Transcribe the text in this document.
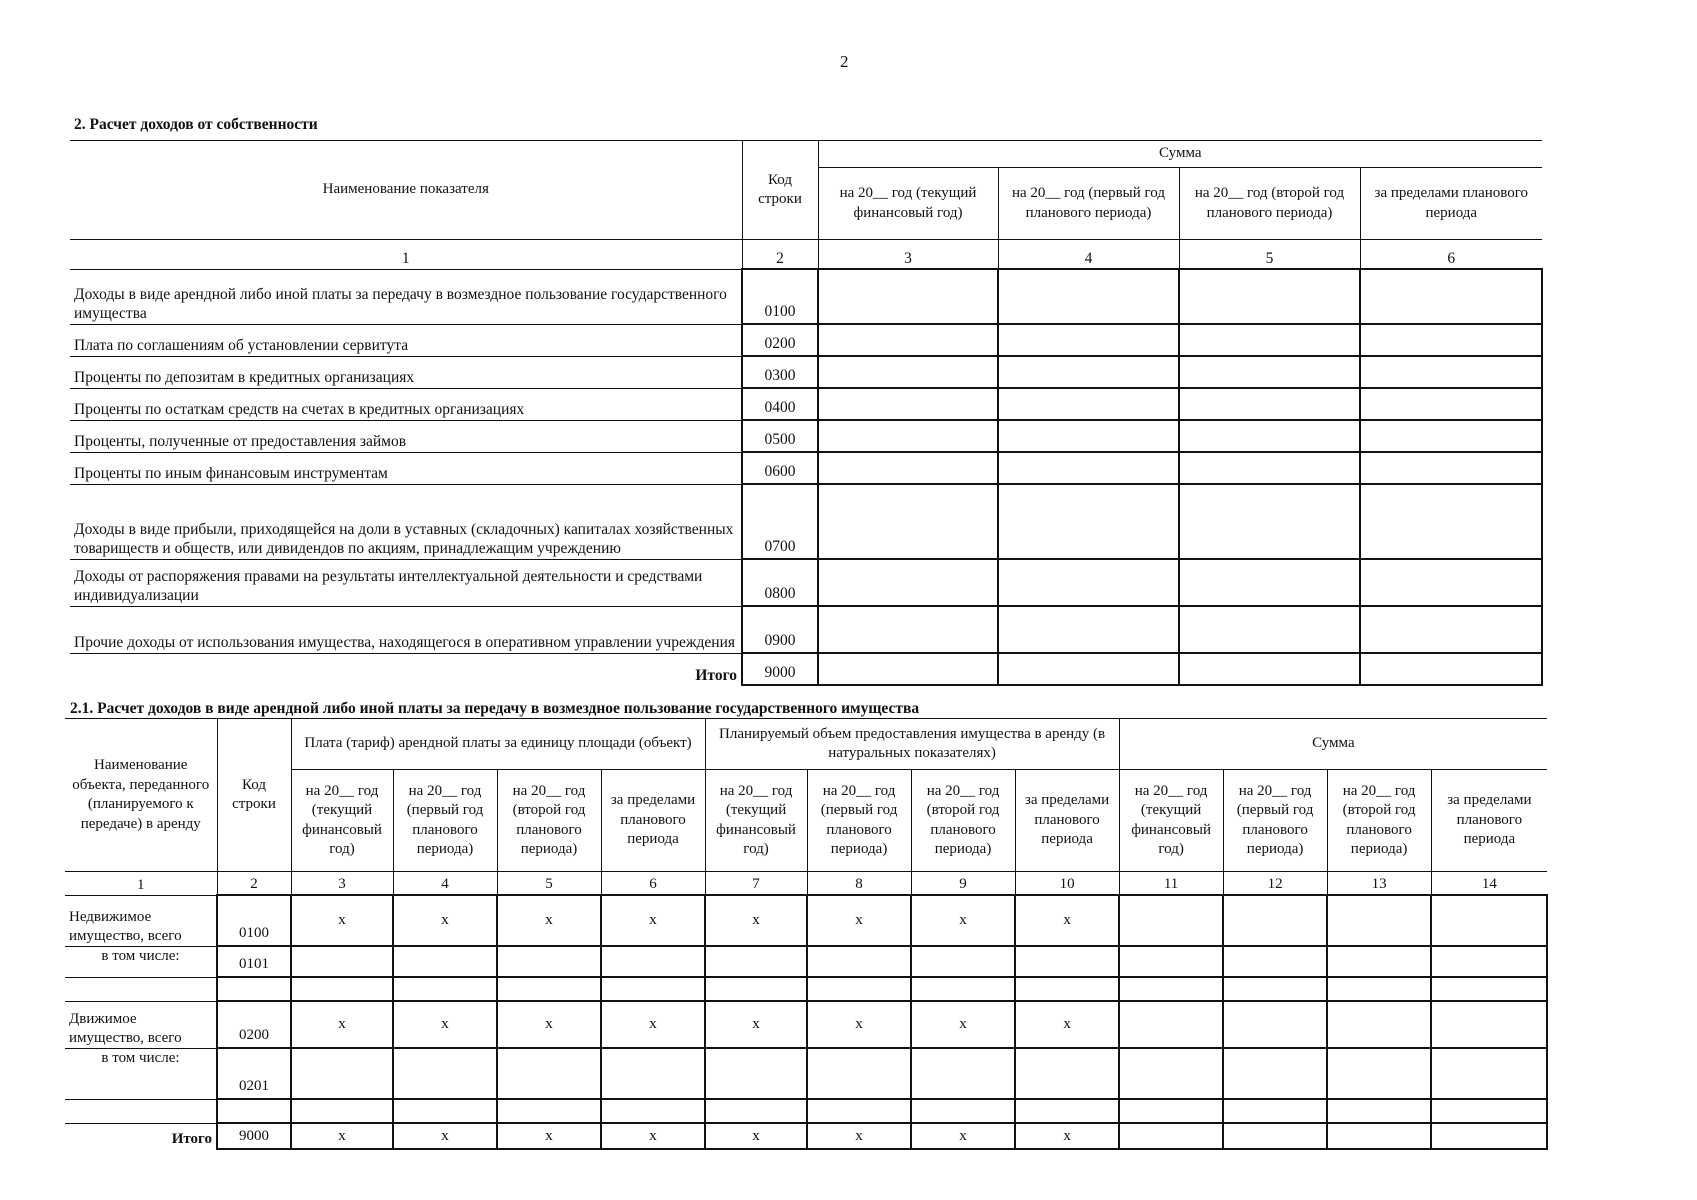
2
2. Расчет доходов от собственности
Наименование показателя	Код строки	Сумма			
		на 20__ год (текущий финансовый год)	на 20__ год (первый год планового периода)	на 20__ год (второй год планового периода)	за пределами планового периода
1	2	3	4	5	6
Доходы в виде арендной либо иной платы за передачу в возмездное пользование государственного имущества	0100				
Плата по соглашениям об установлении сервитута	0200				
Проценты по депозитам в кредитных организациях	0300				
Проценты по остаткам средств на счетах в кредитных организациях	0400				
Проценты, полученные от предоставления займов	0500				
Проценты по иным финансовым инструментам	0600				
Доходы в виде прибыли, приходящейся на доли в уставных (складочных) капиталах хозяйственных товариществ и обществ, или дивидендов по акциям, принадлежащим учреждению	0700				
Доходы от распоряжения правами на результаты интеллектуальной деятельности и средствами индивидуализации	0800				
Прочие доходы от использования имущества, находящегося в оперативном управлении учреждения	0900				
Итого	9000				
2.1. Расчет доходов в виде арендной либо иной платы за передачу в возмездное пользование государственного имущества
Наименование объекта, переданного (планируемого к передаче) в аренду	Код строки	Плата (тариф) арендной платы за единицу площади (объект)				Планируемый объем предоставления имущества в аренду (в натуральных показателях)				Сумма			
		на 20__ год (текущий финансовый год)	на 20__ год (первый год планового периода)	на 20__ год (второй год планового периода)	за пределами планового периода	на 20__ год (текущий финансовый год)	на 20__ год (первый год планового периода)	на 20__ год (второй год планового периода)	за пределами планового периода	на 20__ год (текущий финансовый год)	на 20__ год (первый год планового периода)	на 20__ год (второй год планового периода)	за пределами планового периода
1	2	3	4	5	6	7	8	9	10	11	12	13	14
Недвижимое имущество, всего	0100	x	x	x	x	x	x	x	x				
в том числе:	0101												

Движимое имущество, всего	0200	x	x	x	x	x	x	x	x				
в том числе:	0201												

Итого	9000	x	x	x	x	x	x	x	x				
